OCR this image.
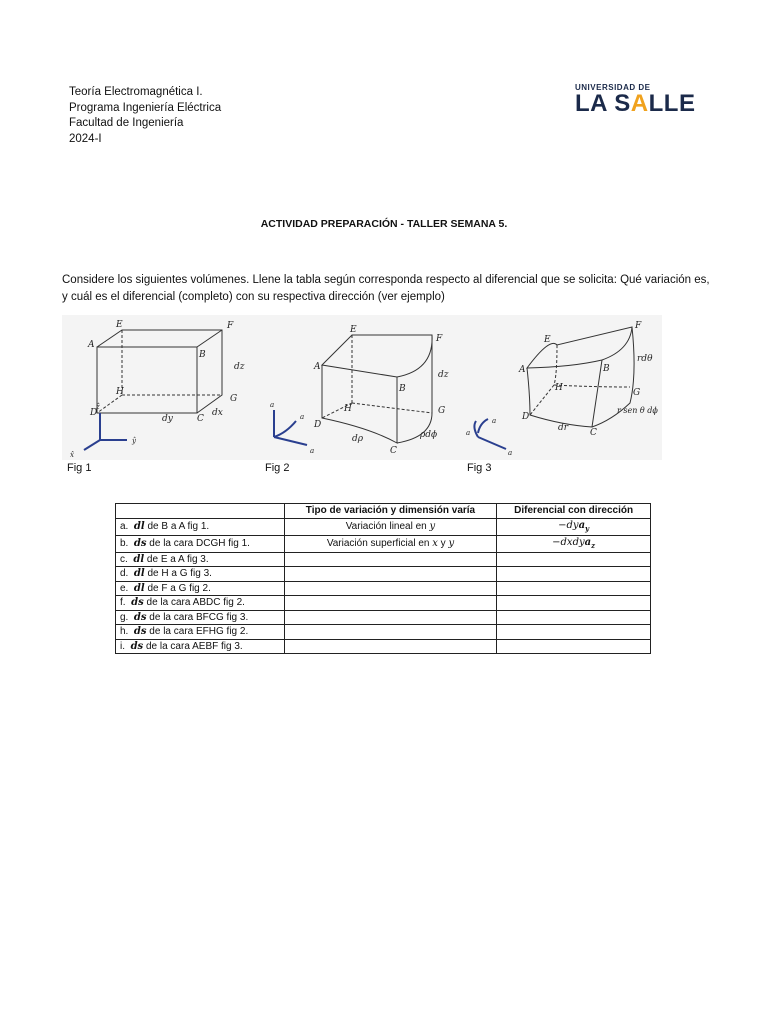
Teoría Electromagnética I.
Programa Ingeniería Eléctrica
Facultad de Ingeniería
2024-I
UNIVERSIDAD DE
LA SALLE
ACTIVIDAD PREPARACIÓN - TALLER SEMANA 5.
Considere los siguientes volúmenes. Llene la tabla según corresponda respecto al diferencial que se solicita: Qué variación es, y cuál es el diferencial (completo) con su respectiva dirección (ver ejemplo)
A
B
C
D
E	F
G
H
dx
dy
dz
ẑ
ŷ
x̂
Fig 1
A
B
C
D
E
F
G
H
dρ	ρdϕ
dz
a
a
a
Fig 2
A	B
C
D
E
F
G
H
dr
rdθ
r sen θ dϕ
a
a
a
Fig 3
	Tipo de variación y dimensión varía	Diferencial con dirección
a. dl de B a A fig 1.	Variación lineal en y	−dya$_y$
b. ds de la cara DCGH fig 1.	Variación superficial en x y y	−dxdya$_z$
c. dl de E a A fig 3.		
d. dl de H a G fig 3.		
e. dl de F a G fig 2.		
f. ds de la cara ABDC fig 2.		
g. ds de la cara BFCG fig 3.		
h. ds de la cara EFHG fig 2.		
i. ds de la cara AEBF fig 3.		
